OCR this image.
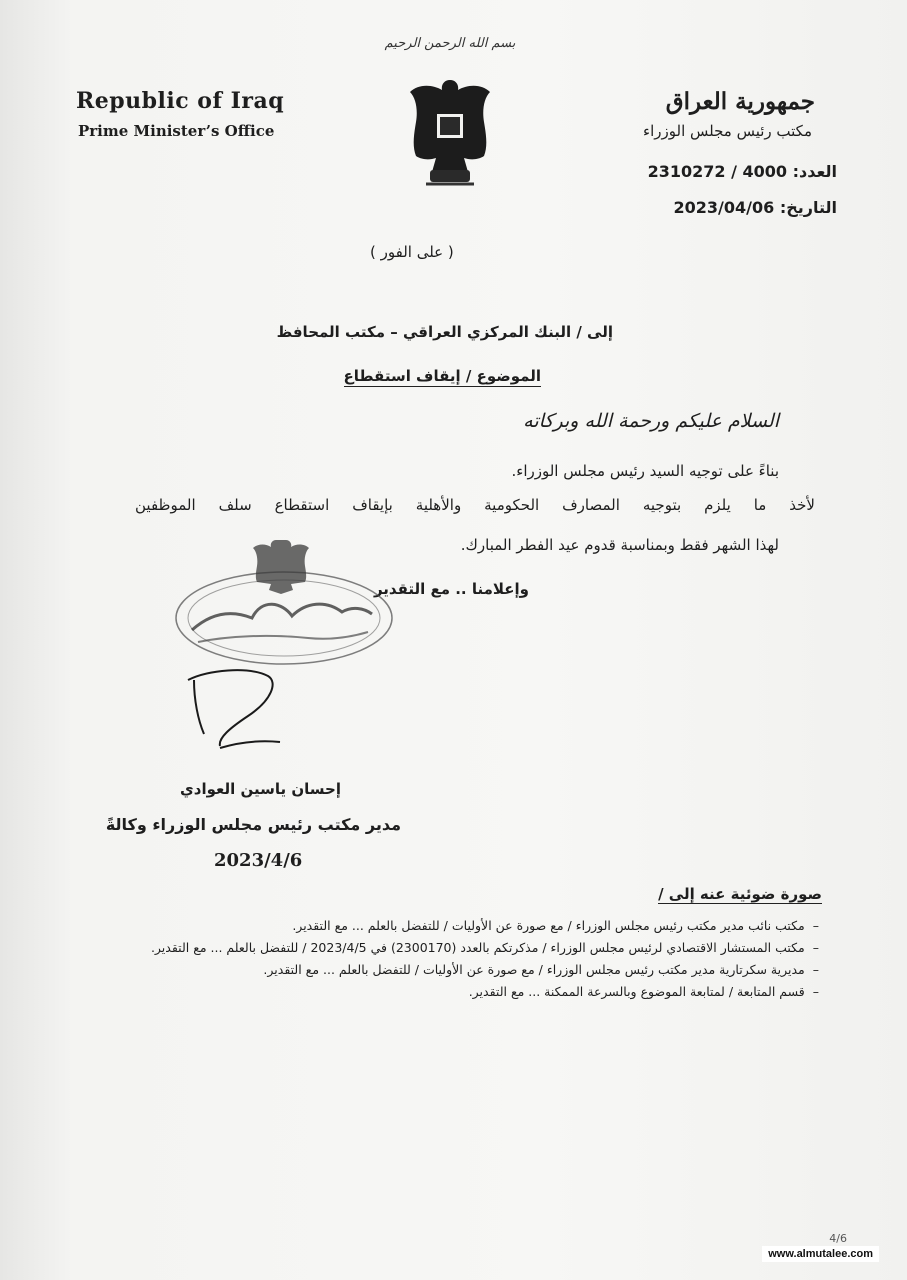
بسم الله الرحمن الرحيم
Republic of Iraq
Prime Minister’s Office
جمهورية العراق
مكتب رئيس مجلس الوزراء
العدد: 2310272 / 4000
التاريخ: 2023/04/06
( على الفور )
إلى / البنك المركزي العراقي – مكتب المحافظ
الموضوع / إيقاف استقطاع
السلام عليكم ورحمة الله وبركاته
بناءً على توجيه السيد رئيس مجلس الوزراء.
لأخذ ما يلزم بتوجيه المصارف الحكومية والأهلية بإيقاف استقطاع سلف الموظفين
لهذا الشهر فقط وبمناسبة قدوم عيد الفطر المبارك.
وإعلامنا .. مع التقدير
إحسان ياسين العوادي
مدير مكتب رئيس مجلس الوزراء وكالةً
2023/4/6
صورة ضوئية عنه إلى /
–
مكتب نائب مدير مكتب رئيس مجلس الوزراء / مع صورة عن الأوليات / للتفضل بالعلم ... مع التقدير.
–
مكتب المستشار الاقتصادي لرئيس مجلس الوزراء / مذكرتكم بالعدد (2300170) في 2023/4/5 / للتفضل بالعلم ... مع التقدير.
–
مديرية سكرتارية مدير مكتب رئيس مجلس الوزراء / مع صورة عن الأوليات / للتفضل بالعلم ... مع التقدير.
–
قسم المتابعة / لمتابعة الموضوع وبالسرعة الممكنة ... مع التقدير.
4/6
www.almutalee.com
